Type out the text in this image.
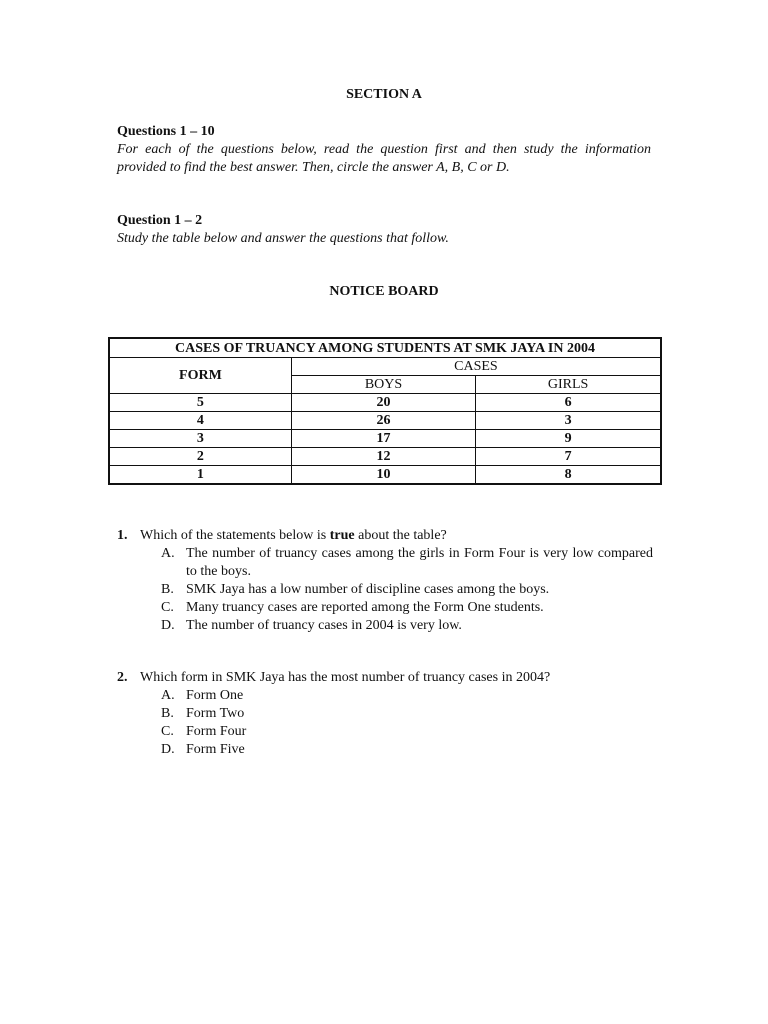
SECTION A
Questions 1 – 10
For each of the questions below, read the question first and then study the information provided to find the best answer. Then, circle the answer A, B, C or D.
Question 1 – 2
Study the table below and answer the questions that follow.
NOTICE BOARD
CASES OF TRUANCY AMONG STUDENTS AT SMK JAYA IN 2004		
FORM	CASES	
	BOYS	GIRLS
5	20	6
4	26	3
3	17	9
2	12	7
1	10	8
1. Which of the statements below is true about the table?
A. The number of truancy cases among the girls in Form Four is very low compared to the boys.
B. SMK Jaya has a low number of discipline cases among the boys.
C. Many truancy cases are reported among the Form One students.
D. The number of truancy cases in 2004 is very low.
2. Which form in SMK Jaya has the most number of truancy cases in 2004?
A. Form One
B. Form Two
C. Form Four
D. Form Five
